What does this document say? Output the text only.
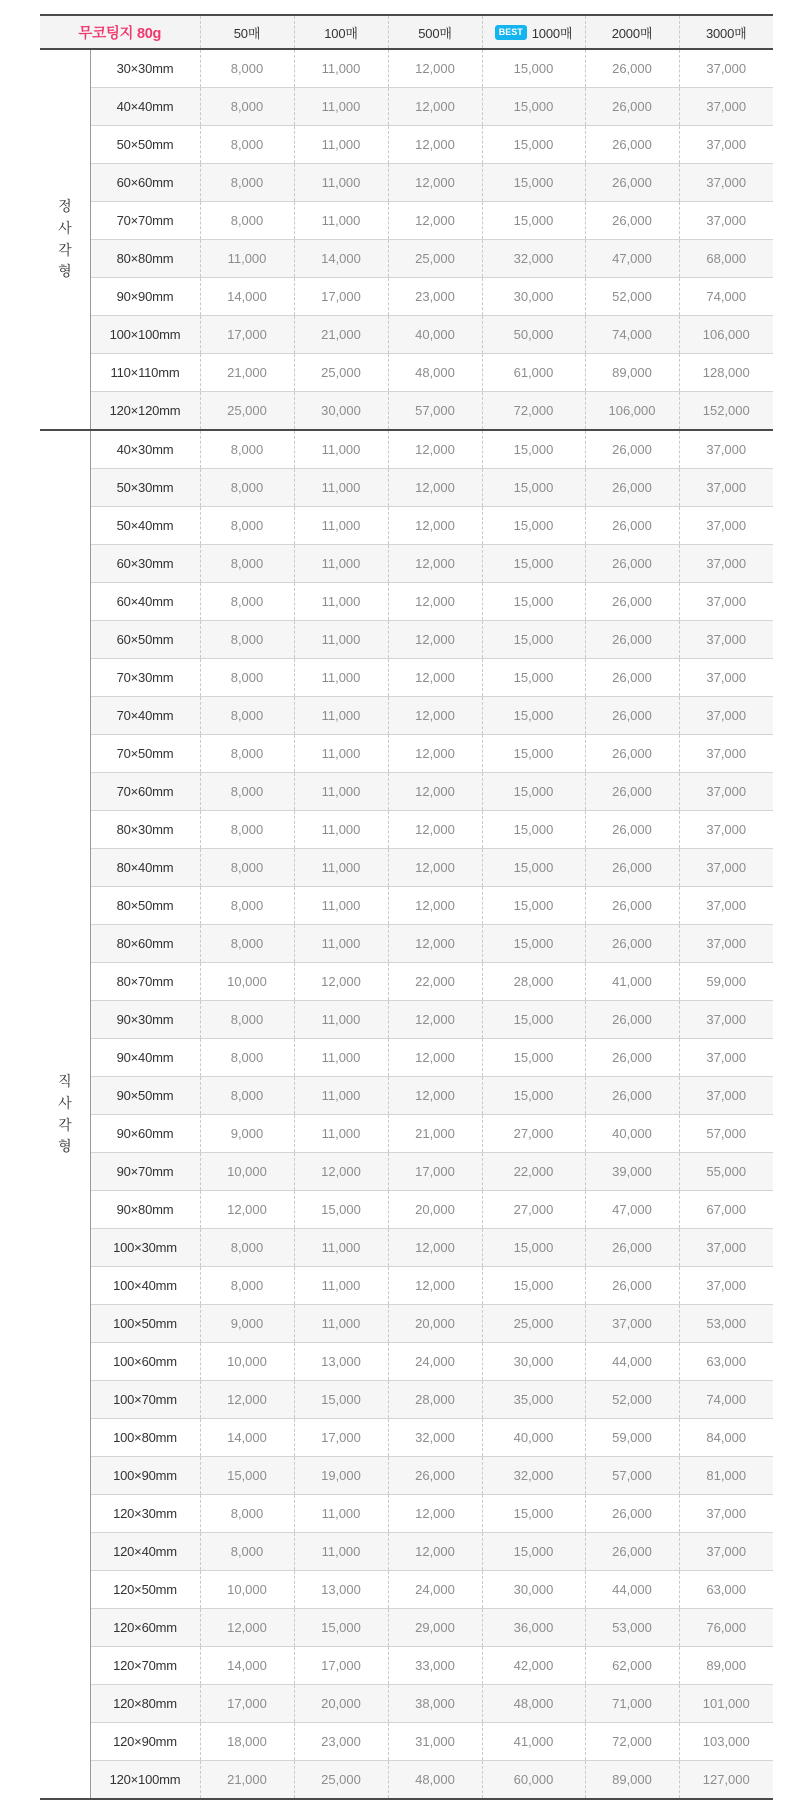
무코팅지 80g		50매	100매	500매	BEST 1000매	2000매	3000매

정
사
각
형	30×30mm	8,000	11,000	12,000	15,000	26,000	37,000
	40×40mm	8,000	11,000	12,000	15,000	26,000	37,000
	50×50mm	8,000	11,000	12,000	15,000	26,000	37,000
	60×60mm	8,000	11,000	12,000	15,000	26,000	37,000
	70×70mm	8,000	11,000	12,000	15,000	26,000	37,000
	80×80mm	11,000	14,000	25,000	32,000	47,000	68,000
	90×90mm	14,000	17,000	23,000	30,000	52,000	74,000
	100×100mm	17,000	21,000	40,000	50,000	74,000	106,000
	110×110mm	21,000	25,000	48,000	61,000	89,000	128,000
	120×120mm	25,000	30,000	57,000	72,000	106,000	152,000

직
사
각
형	40×30mm	8,000	11,000	12,000	15,000	26,000	37,000
	50×30mm	8,000	11,000	12,000	15,000	26,000	37,000
	50×40mm	8,000	11,000	12,000	15,000	26,000	37,000
	60×30mm	8,000	11,000	12,000	15,000	26,000	37,000
	60×40mm	8,000	11,000	12,000	15,000	26,000	37,000
	60×50mm	8,000	11,000	12,000	15,000	26,000	37,000
	70×30mm	8,000	11,000	12,000	15,000	26,000	37,000
	70×40mm	8,000	11,000	12,000	15,000	26,000	37,000
	70×50mm	8,000	11,000	12,000	15,000	26,000	37,000
	70×60mm	8,000	11,000	12,000	15,000	26,000	37,000
	80×30mm	8,000	11,000	12,000	15,000	26,000	37,000
	80×40mm	8,000	11,000	12,000	15,000	26,000	37,000
	80×50mm	8,000	11,000	12,000	15,000	26,000	37,000
	80×60mm	8,000	11,000	12,000	15,000	26,000	37,000
	80×70mm	10,000	12,000	22,000	28,000	41,000	59,000
	90×30mm	8,000	11,000	12,000	15,000	26,000	37,000
	90×40mm	8,000	11,000	12,000	15,000	26,000	37,000
	90×50mm	8,000	11,000	12,000	15,000	26,000	37,000
	90×60mm	9,000	11,000	21,000	27,000	40,000	57,000
	90×70mm	10,000	12,000	17,000	22,000	39,000	55,000
	90×80mm	12,000	15,000	20,000	27,000	47,000	67,000
	100×30mm	8,000	11,000	12,000	15,000	26,000	37,000
	100×40mm	8,000	11,000	12,000	15,000	26,000	37,000
	100×50mm	9,000	11,000	20,000	25,000	37,000	53,000
	100×60mm	10,000	13,000	24,000	30,000	44,000	63,000
	100×70mm	12,000	15,000	28,000	35,000	52,000	74,000
	100×80mm	14,000	17,000	32,000	40,000	59,000	84,000
	100×90mm	15,000	19,000	26,000	32,000	57,000	81,000
	120×30mm	8,000	11,000	12,000	15,000	26,000	37,000
	120×40mm	8,000	11,000	12,000	15,000	26,000	37,000
	120×50mm	10,000	13,000	24,000	30,000	44,000	63,000
	120×60mm	12,000	15,000	29,000	36,000	53,000	76,000
	120×70mm	14,000	17,000	33,000	42,000	62,000	89,000
	120×80mm	17,000	20,000	38,000	48,000	71,000	101,000
	120×90mm	18,000	23,000	31,000	41,000	72,000	103,000
	120×100mm	21,000	25,000	48,000	60,000	89,000	127,000
